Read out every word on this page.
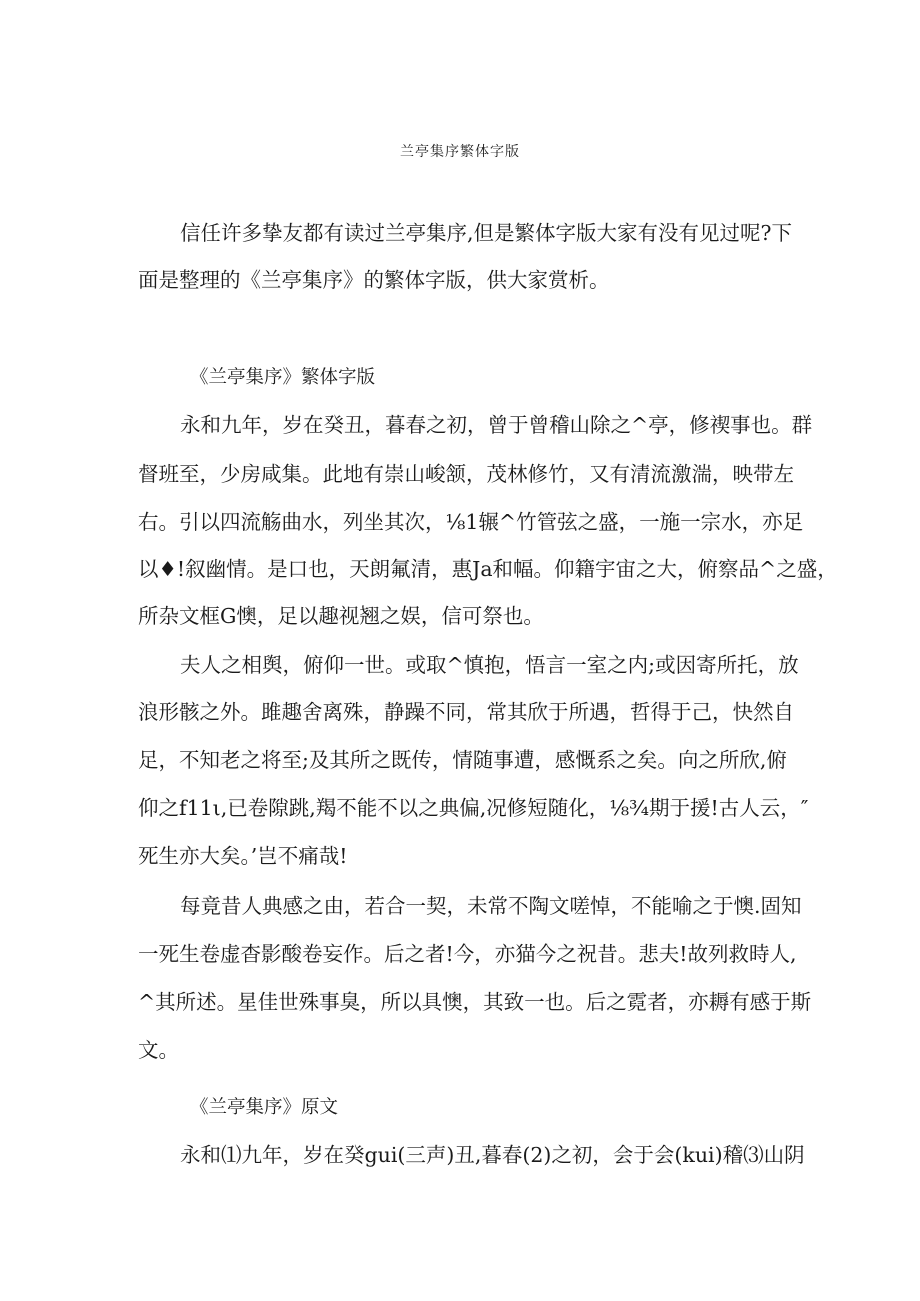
兰亭集序繁体字版
信任许多挚友都有读过兰亭集序,但是繁体字版大家有没有见过呢?下
面是整理的《兰亭集序》的繁体字版，供大家赏析。
《兰亭集序》繁体字版
永和九年，岁在癸丑，暮春之初，曾于曾稽山除之^亭，修禊事也。群
督班至，少房咸集。此地有崇山峻颔，茂林修竹，又有清流激湍，映带左
右。引以四流觞曲水，列坐其次，⅛1辗^竹管弦之盛，一施一宗水，亦足
以♦!叙幽情。是口也，天朗氟清，惠Ja和幅。仰籍宇宙之大，俯察品^之盛，
所杂文框G懊，足以趣视翘之娱，信可祭也。
夫人之相舆，俯仰一世。或取^慎抱，悟言一室之内;或因寄所托，放
浪形骸之外。雎趣舍离殊，静躁不同，常其欣于所遇，哲得于己，快然自
足，不知老之将至;及其所之既传，情随事遭，感慨系之矣。向之所欣,俯
仰之f11ι,已卷隙跳,羯不能不以之典偏,况修短随化，⅛¾期于援!古人云，″
死生亦大矣。’岂不痛哉!
每竟昔人典感之由，若合一契，未常不陶文嗟悼，不能喻之于懊.固知
一死生卷虚杳影酸卷妄作。后之者!今，亦猫今之祝昔。悲夫!故列救時人,
^其所述。星佳世殊事臭，所以具懊，其致一也。后之霓者，亦耨有感于斯
文。
《兰亭集序》原文
永和⑴九年，岁在癸gui(三声)丑,暮春(2)之初，会于会(kui)稽⑶山阴
